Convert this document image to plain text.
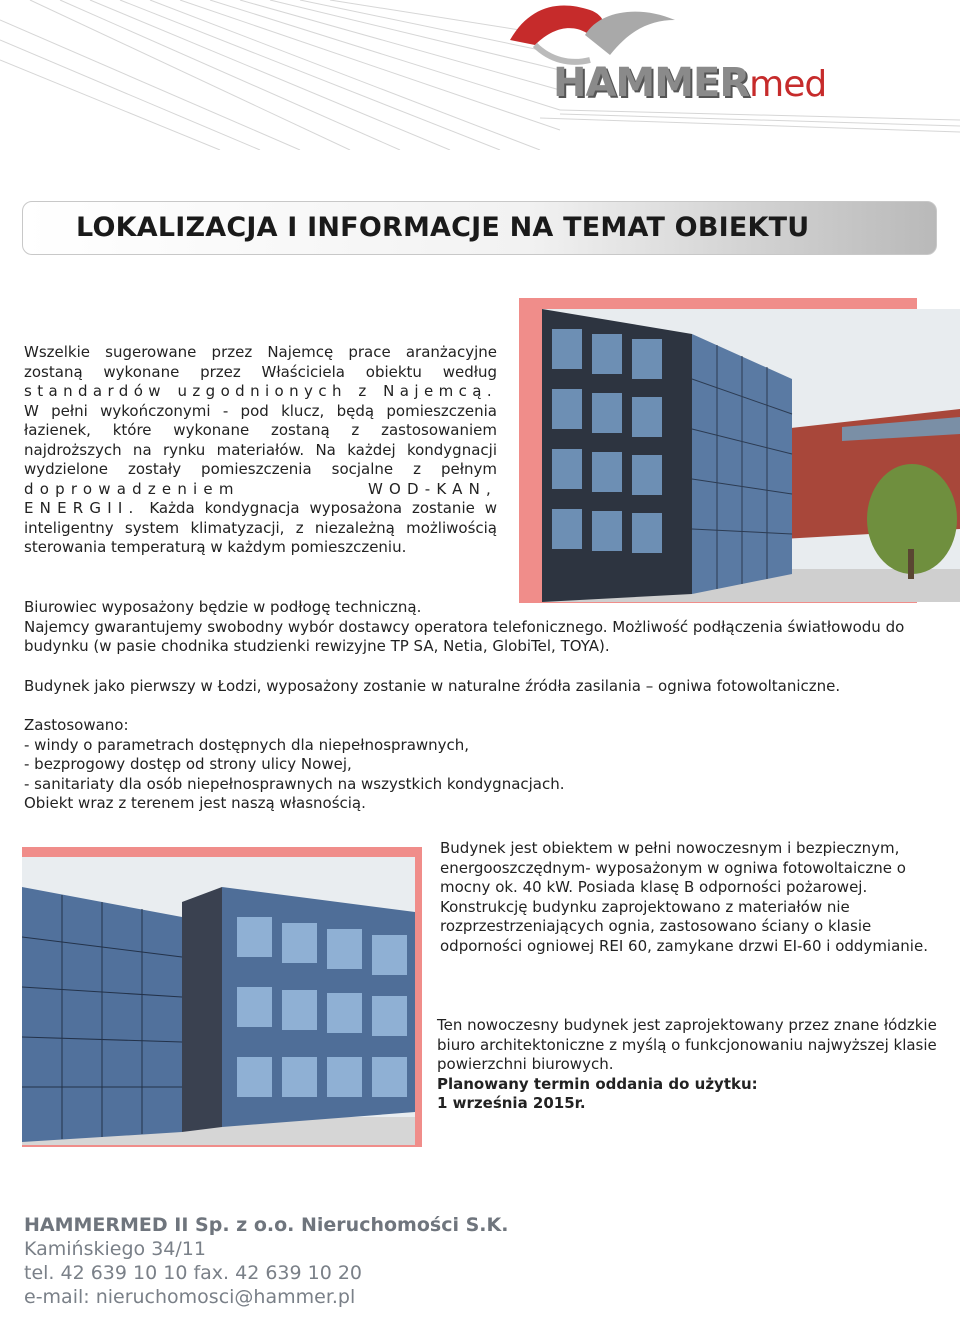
HAMMERmed
LOKALIZACJA I INFORMACJE NA TEMAT OBIEKTU
Wszelkie sugerowane przez Najemcę prace aranżacyjne zostaną wykonane przez Właściciela obiektu według standardów uzgodnionych z Najemcą. W pełni wykończonymi - pod klucz, będą pomieszczenia łazienek, które wykonane zostaną z zastosowaniem najdroższych na rynku materiałów. Na każdej kondygnacji wydzielone zostały pomieszczenia socjalne z pełnym doprowadzeniem WOD-KAN, ENERGII. Każda kondygnacja wyposażona zostanie w inteligentny system klimatyzacji, z niezależną możliwością sterowania temperaturą w każdym pomieszczeniu.
Biurowiec wyposażony będzie w podłogę techniczną.
Najemcy gwarantujemy swobodny wybór dostawcy operatora telefonicznego. Możliwość podłączenia światłowodu do budynku (w pasie chodnika studzienki rewizyjne TP SA, Netia, GlobiTel, TOYA).
Budynek jako pierwszy w Łodzi, wyposażony zostanie w naturalne źródła zasilania – ogniwa fotowoltaniczne.
Zastosowano:
- windy o parametrach dostępnych dla niepełnosprawnych,
- bezprogowy dostęp od strony ulicy Nowej,
- sanitariaty dla osób niepełnosprawnych na wszystkich kondygnacjach.
Obiekt wraz z terenem jest naszą własnością.
Budynek jest obiektem w pełni nowoczesnym i bezpiecznym, energooszczędnym- wyposażonym w ogniwa fotowoltaiczne o mocny ok. 40 kW. Posiada klasę B odporności pożarowej. Konstrukcję budynku zaprojektowano z materiałów nie rozprzestrzeniających ognia, zastosowano ściany o klasie odporności ogniowej REI 60, zamykane drzwi EI-60 i oddymianie.
Ten nowoczesny budynek jest zaprojektowany przez znane łódzkie biuro architektoniczne z myślą o funkcjonowaniu najwyższej klasie powierzchni biurowych.
Planowany termin oddania do użytku:
1 września 2015r.
HAMMERMED II Sp. z o.o. Nieruchomości S.K.
Kamińskiego 34/11
tel. 42 639 10 10 fax. 42 639 10 20
e-mail: nieruchomosci@hammer.pl
